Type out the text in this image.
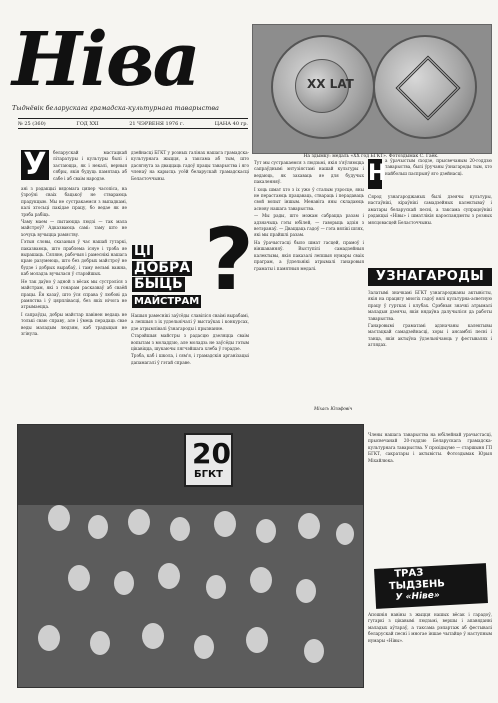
Ніва
Тыднёвік беларускага грамадска-культурнага таварыства
№ 25 (360)	ГОД XXI	21 ЧЭРВЕНЯ 1976 г.	ЦАНА 40 гр.
XX LAT
На здымку: медаль «XX год БГКТ». Фотоздымак С. Гаёк.
У	беларускай мастацкай літаратуры і культуры былі і застаюцца, як і некалі, верныя сябры, якія будуць памятаць аб сабе і аб сваім народзе.

ані з рэдакцыі вядомага цяпер часопіса, на ўзроўні сваіх бацькоў не ствараюць прадукцыю. Мы не сустракаемся з выпадкамі, калі хтосьці пакідае працу, бо ведае як яе трэба рабіць.

Чаму маем — пытаюцца людзі — так мала майстроў? Адказваюць самі: таму што не хочуць вучыцца рамяству.

Гэтыя словы, сказаныя ў час нашай гутаркі, паказваюць, што праблема існуе і трэба яе вырашаць. Сяляне, рабочыя і рамеснікі нашага краю разумеюць, што без добрых майстроў не будзе і добрых вырабаў, і таму вельмі важна, каб моладзь вучылася ў старэйшых.

Не так даўно ў адной з вёсак мы сустрэліся з майстрам, які з гонарам расказваў аб сваёй працы. Ён казаў, што ўся справа ў любові да рамяства і ў цярплівасці, без якіх нічога не атрымаецца.

І сапраўды, добры майстар павінен ведаць не толькі сваю справу, але і ўмець перадаць свае веды маладым людзям, каб традыцыя не згінула.

дзейнасці БГКТ у розных галінах нашага грамадска-культурнага жыцця, а таксама аб тым, што дасягнута за дваццаць гадоў працы таварыства і яго членаў на карысць усёй беларускай грамадскасці Беласточчыны.

ЦІ
ДОБРА
БЫЦЬ
МАЙСТРАМ ?

Нашыя рамеснікі заўсёды славіліся сваімі вырабамі, а лепшыя з іх удзельнічалі ў выстаўках і конкурсах, дзе атрымлівалі ўзнагароды і прызнанне.

Старэйшыя майстры з радасцю дзеляцца сваім вопытам з моладдзю, але моладзь не заўсёды гэтым цікавіцца, шукаючы лягчэйшага хлеба ў горадзе.

Трэба, каб і школа, і сям'я, і грамадскія арганізацыі дапамагалі ў гэтай справе.

Тут мы сустракаемся з людзьмі, якія з'яўляюцца сапраўднымі энтузіястамі нашай культуры і ведаюць, як захаваць яе для будучых пакаленняў.

І хоць шмат хто з іх ужо ў сталым узросце, яны не перастаюць працаваць, ствараць і перадаваць свой вопыт іншым. Менавіта яны складаюць аснову нашага таварыства.

— Мы рады, што можам сабрацца разам і адзначыць гэты юбілей, — гаворыць адзін з ветэранаў. — Дваццаць гадоў — гэта вялікі шлях, які мы прайшлі разам.

На ўрачыстасці было шмат гасцей, прамоў і віншаванняў. Выступілі самадзейныя калектывы, якія паказалі лепшыя нумары сваіх праграм, а ўдзельнікі атрымалі ганаровыя граматы і памятныя медалі.

Міхась Юзэфовіч
Н

а ўрачыстым сходзе, прысвечаным 20-годдзю таварыства, былі ўручаны ўзнагароды тым, хто найбольш паспрыяў яго дзейнасці.

Сярод узнагароджаных былі дзеячы культуры, настаўнікі, кіраўнікі самадзейных калектываў і аматары беларускай песні, а таксама супрацоўнікі рэдакцыі «Нівы» і шматлікія карэспандэнты з розных мясцовасцей Беласточчыны.

УЗНАГАРОДЫ

Залатымі значкамі БГКТ узнагароджаны актывісты, якія на працягу многіх гадоў вялі культурна-асветную працу ў гуртках і клубах. Срэбныя значкі атрымалі маладыя дзеячы, якія нядаўна далучыліся да работы таварыства.

Ганаровымі граматамі адзначаны калектывы мастацкай самадзейнасці, хоры і ансамблі песні і танца, якія актыўна ўдзельнічаюць у фестывалях і аглядах.

20
БГКТ

Члены нашага таварыства на юбілейнай урачыстасці, прысвечанай 20-годдзю Беларускага грамадска-культурнага таварыства. У прэзідыуме — старшыня ГП БГКТ, сакратары і актывісты. Фотоздымак Юрыя Міхайлюка.

ТРАЗ
ТЫДЗЕНЬ
У «Ніве»

Апошнія навіны з жыцця нашых вёсак і гарадоў, гутаркі з цікавымі людзьмі, вершы і апавяданні маладых аўтараў, а таксама рэпартаж аб фестывалі беларускай песні і многае іншае чытайце ў наступным нумары «Нівы».
